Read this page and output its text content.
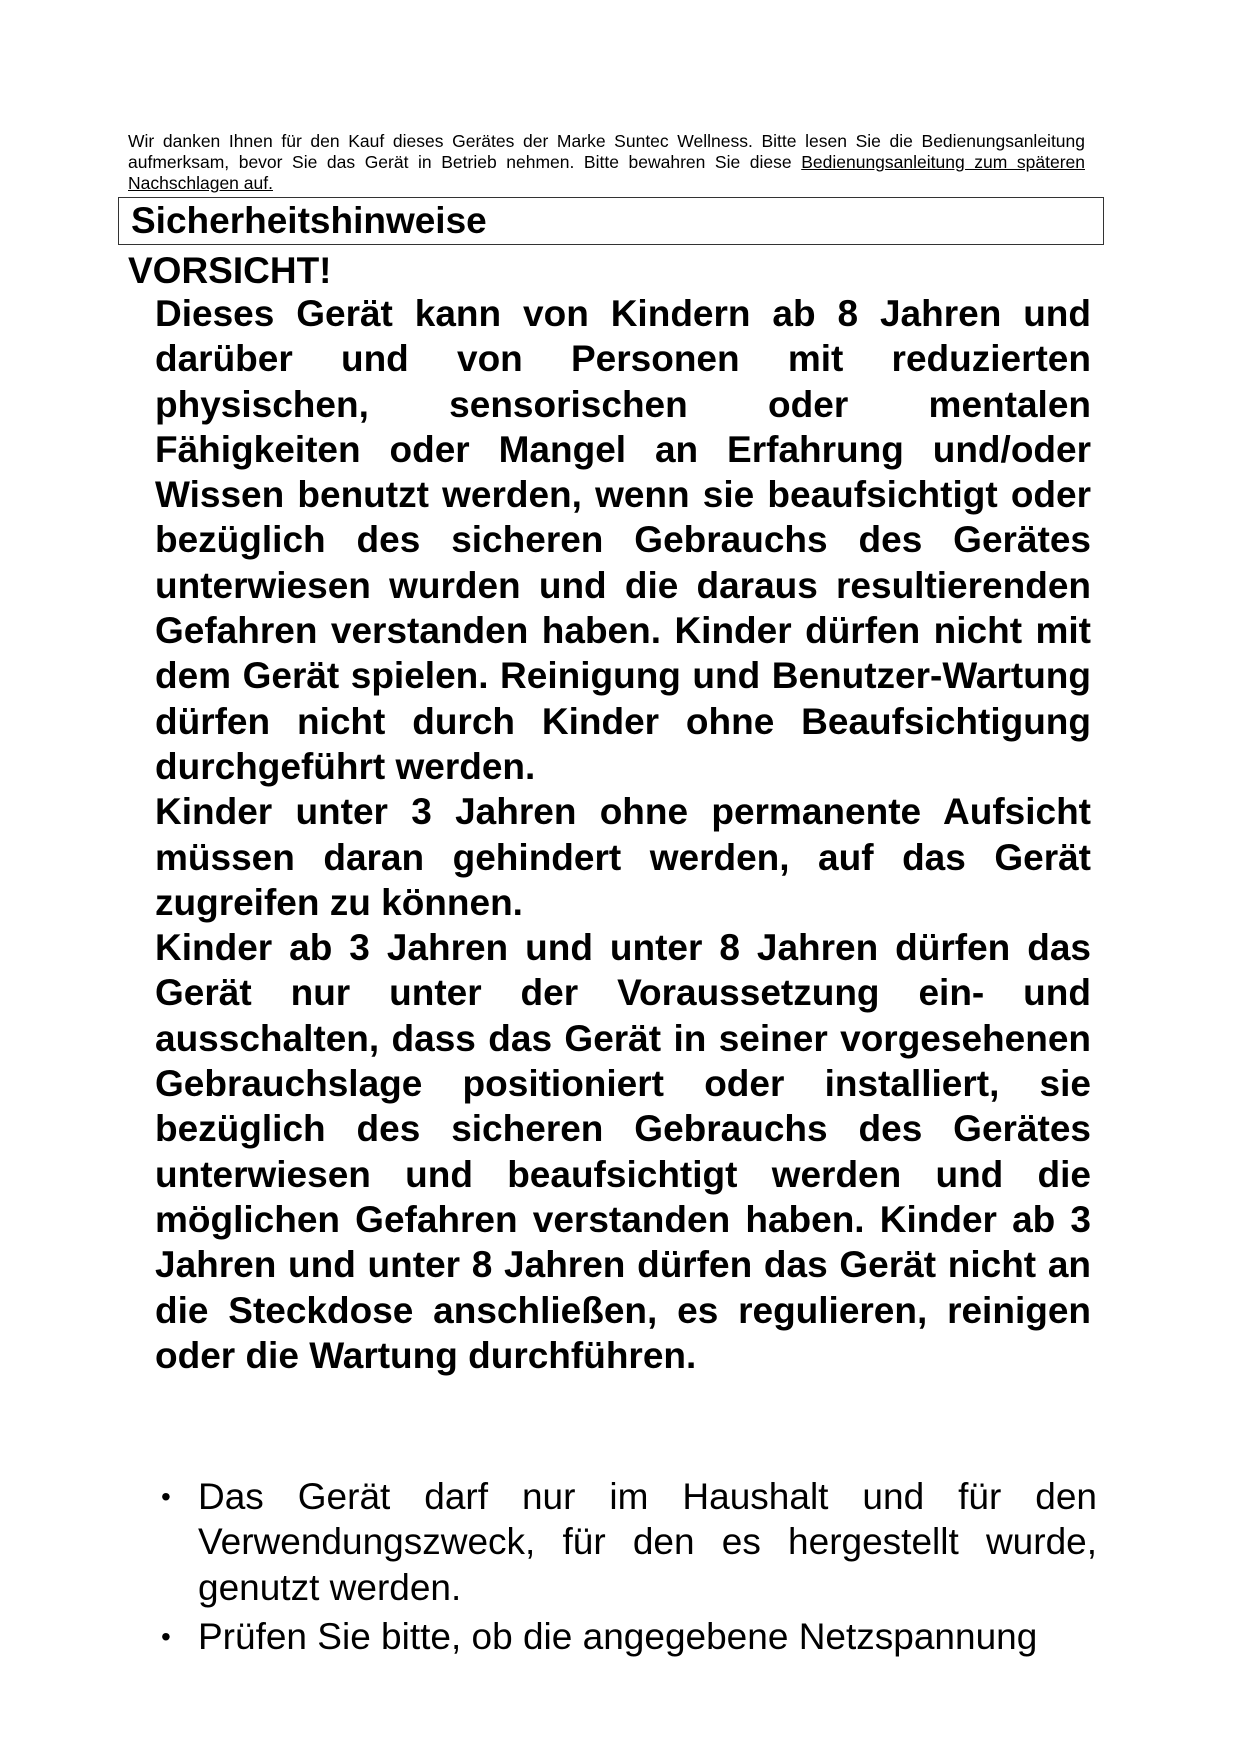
Wir danken Ihnen für den Kauf dieses Gerätes der Marke Suntec Wellness. Bitte lesen Sie die Bedienungsanleitung aufmerksam, bevor Sie das Gerät in Betrieb nehmen. Bitte bewahren Sie diese Bedienungsanleitung zum späteren Nachschlagen auf.

Sicherheitshinweise
VORSICHT!
Dieses Gerät kann von Kindern ab 8 Jahren und darüber und von Personen mit reduzierten physischen, sensorischen oder mentalen Fähigkeiten oder Mangel an Erfahrung und/oder Wissen benutzt werden, wenn sie beaufsichtigt oder bezüglich des sicheren Gebrauchs des Gerätes unterwiesen wurden und die daraus resultierenden Gefahren verstanden haben. Kinder dürfen nicht mit dem Gerät spielen. Reinigung und Benutzer-Wartung dürfen nicht durch Kinder ohne Beaufsichtigung durchgeführt werden.
Kinder unter 3 Jahren ohne permanente Aufsicht müssen daran gehindert werden, auf das Gerät zugreifen zu können.
Kinder ab 3 Jahren und unter 8 Jahren dürfen das Gerät nur unter der Voraussetzung ein- und ausschalten, dass das Gerät in seiner vorgesehenen Gebrauchslage positioniert oder installiert, sie bezüglich des sicheren Gebrauchs des Gerätes unterwiesen und beaufsichtigt werden und die möglichen Gefahren verstanden haben. Kinder ab 3 Jahren und unter 8 Jahren dürfen das Gerät nicht an die Steckdose anschließen, es regulieren, reinigen oder die Wartung durchführen.
• Das Gerät darf nur im Haushalt und für den Verwendungszweck, für den es hergestellt wurde, genutzt werden.
• Prüfen Sie bitte, ob die angegebene Netzspannung
